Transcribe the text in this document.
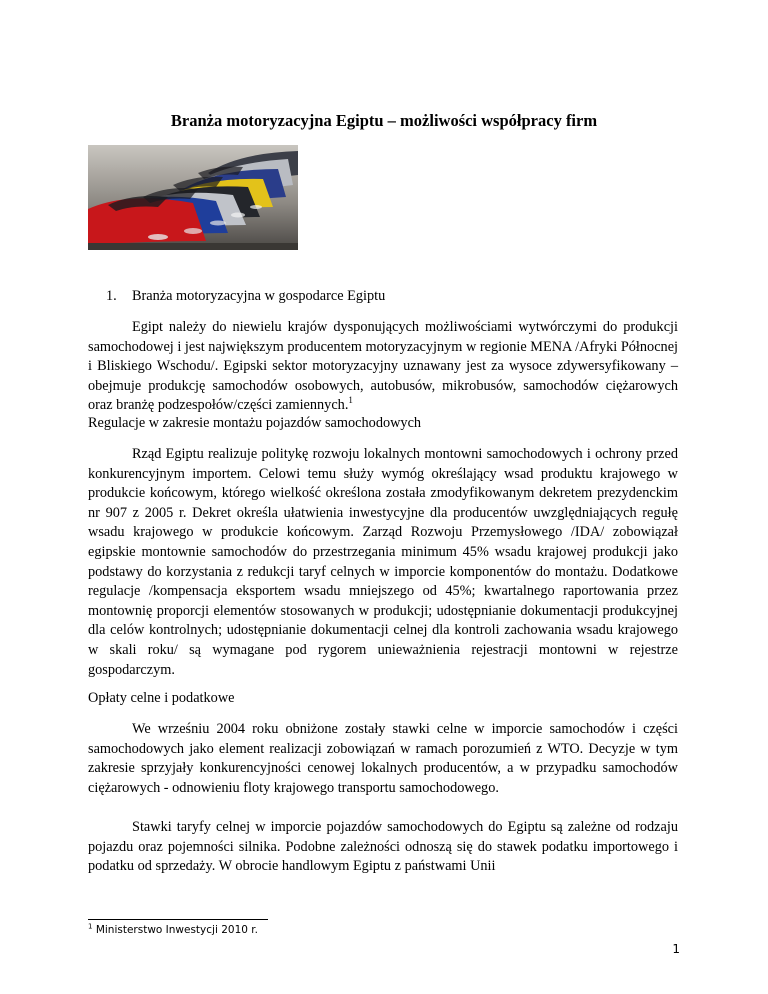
Branża motoryzacyjna Egiptu – możliwości współpracy firm
1. Branża motoryzacyjna w gospodarce Egiptu
Egipt należy do niewielu krajów dysponujących możliwościami wytwórczymi do produkcji samochodowej i jest największym producentem motoryzacyjnym w regionie MENA /Afryki Północnej i Bliskiego Wschodu/. Egipski sektor motoryzacyjny uznawany jest za wysoce zdywersyfikowany – obejmuje produkcję samochodów osobowych, autobusów, mikrobusów, samochodów ciężarowych oraz branżę podzespołów/części zamiennych.$^1$
Regulacje w zakresie montażu pojazdów samochodowych
Rząd Egiptu realizuje politykę rozwoju lokalnych montowni samochodowych i ochrony przed konkurencyjnym importem. Celowi temu służy wymóg określający wsad produktu krajowego w produkcie końcowym, którego wielkość określona została zmodyfikowanym dekretem prezydenckim nr 907 z 2005 r. Dekret określa ułatwienia inwestycyjne dla producentów uwzględniających regułę wsadu krajowego w produkcie końcowym. Zarząd Rozwoju Przemysłowego /IDA/ zobowiązał egipskie montownie samochodów do przestrzegania minimum 45% wsadu krajowej produkcji jako podstawy do korzystania z redukcji taryf celnych w imporcie komponentów do montażu. Dodatkowe regulacje /kompensacja eksportem wsadu mniejszego od 45%; kwartalnego raportowania przez montownię proporcji elementów stosowanych w produkcji; udostępnianie dokumentacji produkcyjnej dla celów kontrolnych; udostępnianie dokumentacji celnej dla kontroli zachowania wsadu krajowego w skali roku/ są wymagane pod rygorem unieważnienia rejestracji montowni w rejestrze gospodarczym.
Opłaty celne i podatkowe
We wrześniu 2004 roku obniżone zostały stawki celne w imporcie samochodów i części samochodowych jako element realizacji zobowiązań w ramach porozumień z WTO. Decyzje w tym zakresie sprzyjały konkurencyjności cenowej lokalnych producentów, a w przypadku samochodów ciężarowych - odnowieniu floty krajowego transportu samochodowego.
Stawki taryfy celnej w imporcie pojazdów samochodowych do Egiptu są zależne od rodzaju pojazdu oraz pojemności silnika. Podobne zależności odnoszą się do stawek podatku importowego i podatku od sprzedaży. W obrocie handlowym Egiptu z państwami Unii
$^1$ Ministerstwo Inwestycji 2010 r.
1
